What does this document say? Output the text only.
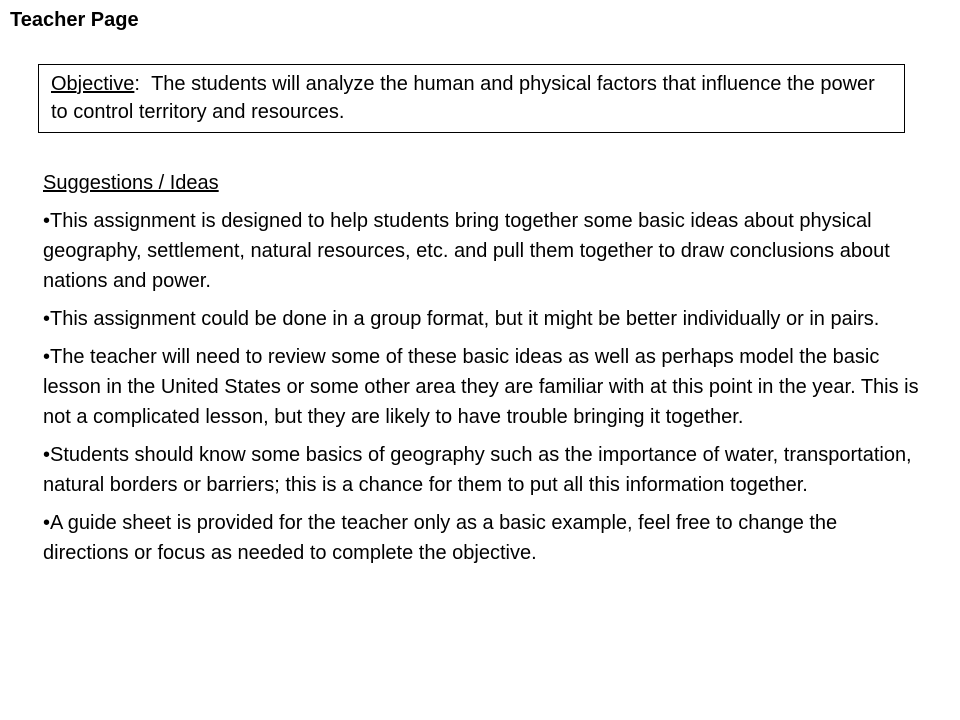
Teacher Page
Objective: The students will analyze the human and physical factors that influence the power to control territory and resources.
Suggestions / Ideas
•This assignment is designed to help students bring together some basic ideas about physical geography, settlement, natural resources, etc. and pull them together to draw conclusions about nations and power.
•This assignment could be done in a group format, but it might be better individually or in pairs.
•The teacher will need to review some of these basic ideas as well as perhaps model the basic lesson in the United States or some other area they are familiar with at this point in the year. This is not a complicated lesson, but they are likely to have trouble bringing it together.
•Students should know some basics of geography such as the importance of water, transportation, natural borders or barriers; this is a chance for them to put all this information together.
•A guide sheet is provided for the teacher only as a basic example, feel free to change the directions or focus as needed to complete the objective.
